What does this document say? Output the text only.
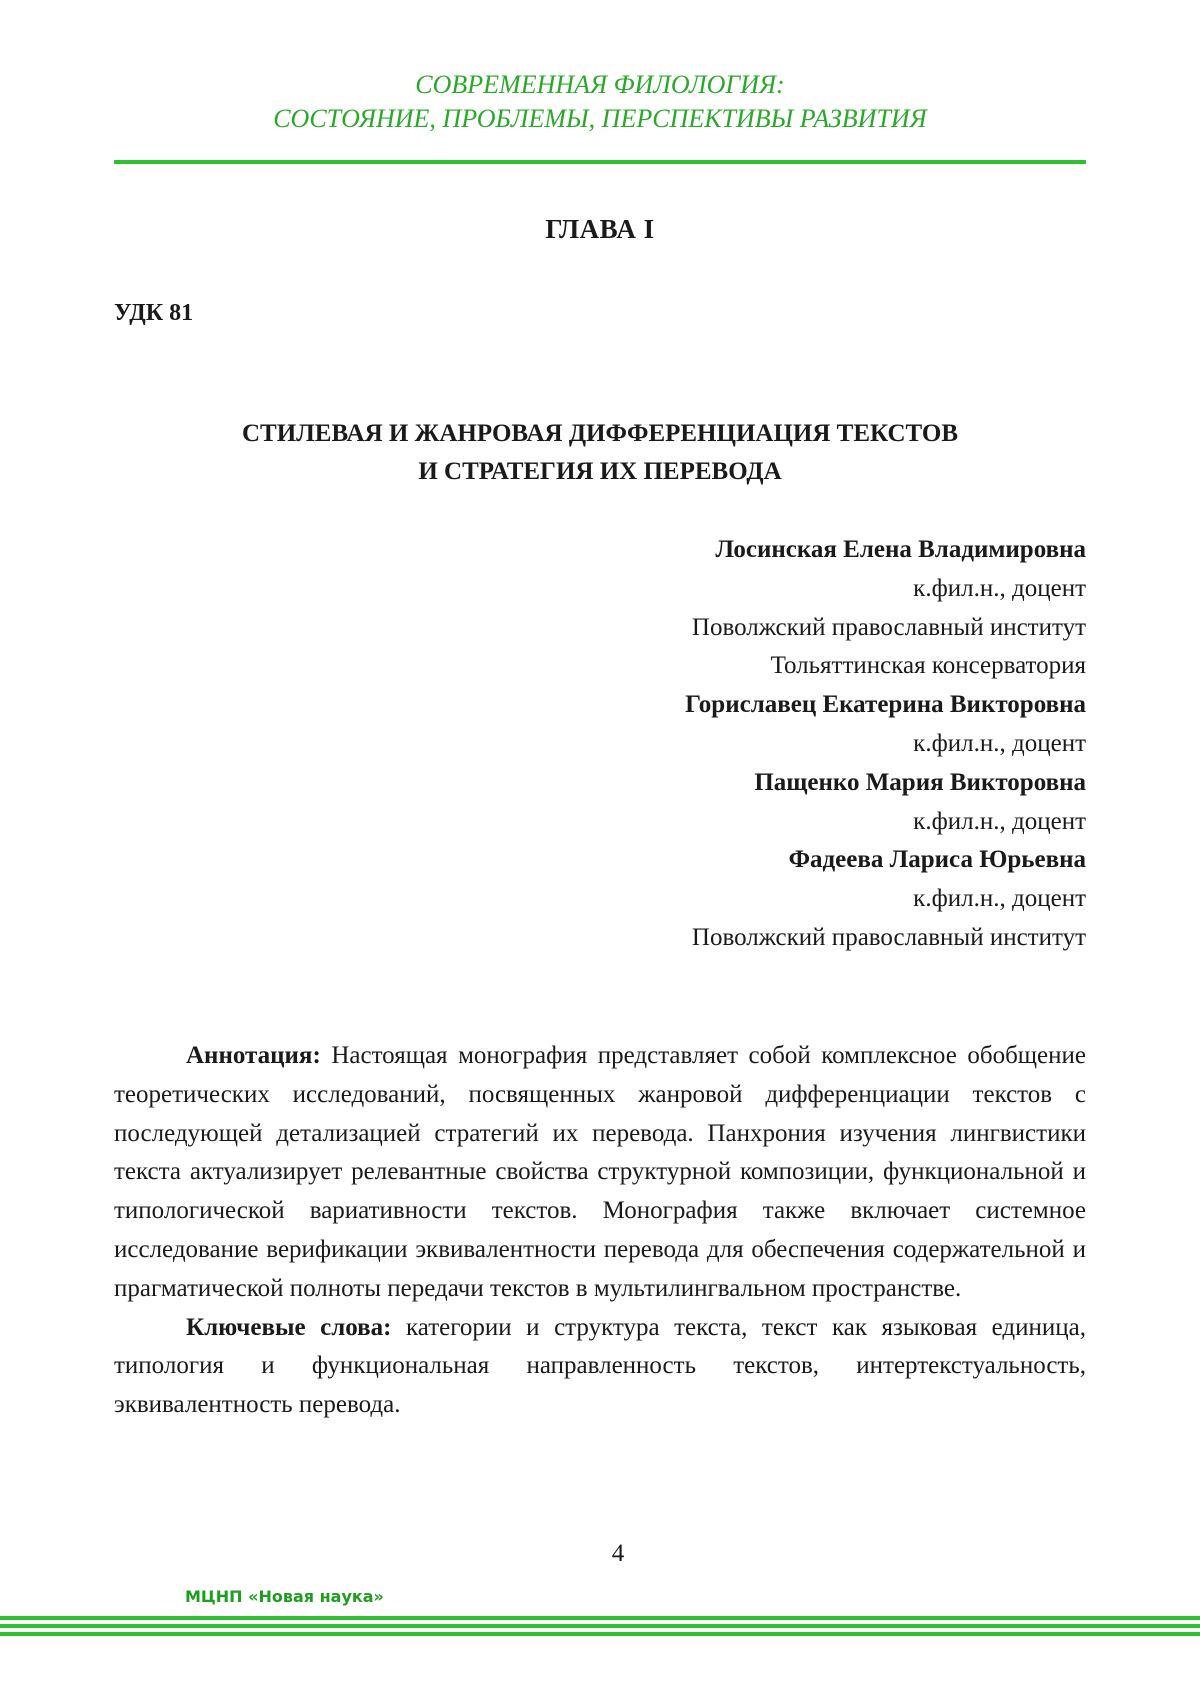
СОВРЕМЕННАЯ ФИЛОЛОГИЯ:
СОСТОЯНИЕ, ПРОБЛЕМЫ, ПЕРСПЕКТИВЫ РАЗВИТИЯ
ГЛАВА I
УДК 81
СТИЛЕВАЯ И ЖАНРОВАЯ ДИФФЕРЕНЦИАЦИЯ ТЕКСТОВ
И СТРАТЕГИЯ ИХ ПЕРЕВОДА
Лосинская Елена Владимировна
к.фил.н., доцент
Поволжский православный институт
Тольяттинская консерватория
Гориславец Екатерина Викторовна
к.фил.н., доцент
Пащенко Мария Викторовна
к.фил.н., доцент
Фадеева Лариса Юрьевна
к.фил.н., доцент
Поволжский православный институт

Аннотация: Настоящая монография представляет собой комплексное обобщение теоретических исследований, посвященных жанровой дифференциации текстов с последующей детализацией стратегий их перевода. Панхрония изучения лингвистики текста актуализирует релевантные свойства структурной композиции, функциональной и типологической вариативности текстов. Монография также включает системное исследование верификации эквивалентности перевода для обеспечения содержательной и прагматической полноты передачи текстов в мультилингвальном пространстве.

Ключевые слова: категории и структура текста, текст как языковая единица, типология и функциональная направленность текстов, интертекстуальность, эквивалентность перевода.

4
МЦНП «Новая наука»
